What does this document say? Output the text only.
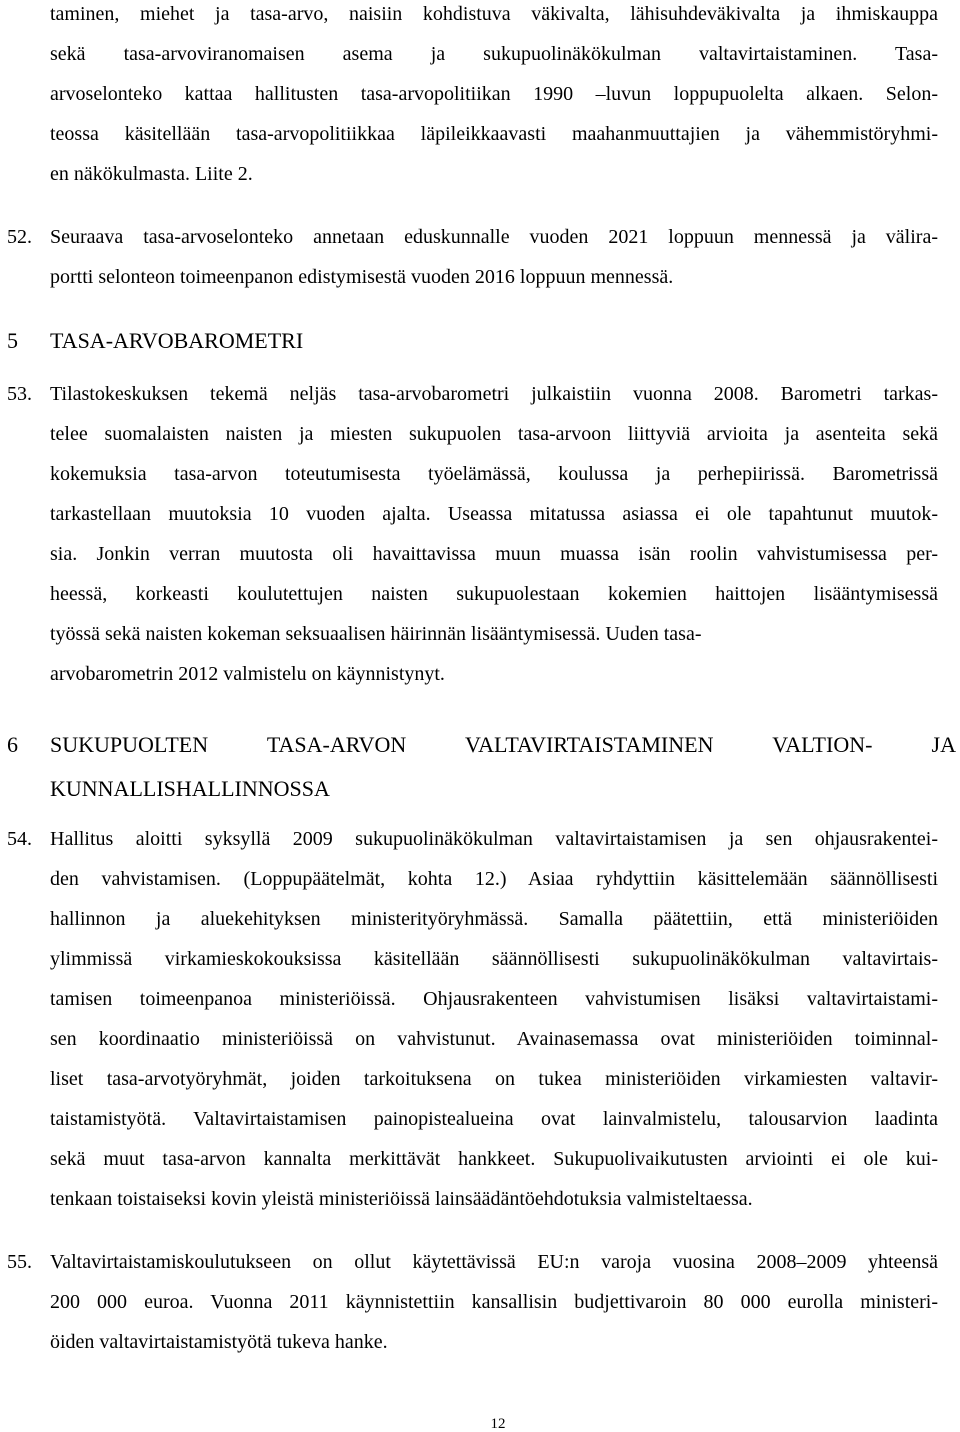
taminen, miehet ja tasa-arvo, naisiin kohdistuva väkivalta, lähisuhdeväkivalta ja ihmiskauppa
sekä tasa-arvoviranomaisen asema ja sukupuolinäkökulman valtavirtaistaminen. Tasa-
arvoselonteko kattaa hallitusten tasa-arvopolitiikan 1990 –luvun loppupuolelta alkaen. Selon-
teossa käsitellään tasa-arvopolitiikkaa läpileikkaavasti maahanmuuttajien ja vähemmistöryhmi-
en näkökulmasta. Liite 2.
52. Seuraava tasa-arvoselonteko annetaan eduskunnalle vuoden 2021 loppuun mennessä ja välira-
portti selonteon toimeenpanon edistymisestä vuoden 2016 loppuun mennessä.
5 TASA-ARVOBAROMETRI
53. Tilastokeskuksen tekemä neljäs tasa-arvobarometri julkaistiin vuonna 2008. Barometri tarkas-
telee suomalaisten naisten ja miesten sukupuolen tasa-arvoon liittyviä arvioita ja asenteita sekä
kokemuksia tasa-arvon toteutumisesta työelämässä, koulussa ja perhepiirissä. Barometrissä
tarkastellaan muutoksia 10 vuoden ajalta. Useassa mitatussa asiassa ei ole tapahtunut muutok-
sia. Jonkin verran muutosta oli havaittavissa muun muassa isän roolin vahvistumisessa per-
heessä, korkeasti koulutettujen naisten sukupuolestaan kokemien haittojen lisääntymisessä
työssä sekä naisten kokeman seksuaalisen häirinnän lisääntymisessä. Uuden tasa-
arvobarometrin 2012 valmistelu on käynnistynyt.
6 SUKUPUOLTEN TASA-ARVON VALTAVIRTAISTAMINEN VALTION- JA
KUNNALLISHALLINNOSSA
54. Hallitus aloitti syksyllä 2009 sukupuolinäkökulman valtavirtaistamisen ja sen ohjausrakentei-
den vahvistamisen. (Loppupäätelmät, kohta 12.) Asiaa ryhdyttiin käsittelemään säännöllisesti
hallinnon ja aluekehityksen ministerityöryhmässä. Samalla päätettiin, että ministeriöiden
ylimmissä virkamieskokouksissa käsitellään säännöllisesti sukupuolinäkökulman valtavirtais-
tamisen toimeenpanoa ministeriöissä. Ohjausrakenteen vahvistumisen lisäksi valtavirtaistami-
sen koordinaatio ministeriöissä on vahvistunut. Avainasemassa ovat ministeriöiden toiminnal-
liset tasa-arvotyöryhmät, joiden tarkoituksena on tukea ministeriöiden virkamiesten valtavir-
taistamistyötä. Valtavirtaistamisen painopistealueina ovat lainvalmistelu, talousarvion laadinta
sekä muut tasa-arvon kannalta merkittävät hankkeet. Sukupuolivaikutusten arviointi ei ole kui-
tenkaan toistaiseksi kovin yleistä ministeriöissä lainsäädäntöehdotuksia valmisteltaessa.
55. Valtavirtaistamiskoulutukseen on ollut käytettävissä EU:n varoja vuosina 2008–2009 yhteensä
200 000 euroa. Vuonna 2011 käynnistettiin kansallisin budjettivaroin 80 000 eurolla ministeri-
öiden valtavirtaistamistyötä tukeva hanke.
12
